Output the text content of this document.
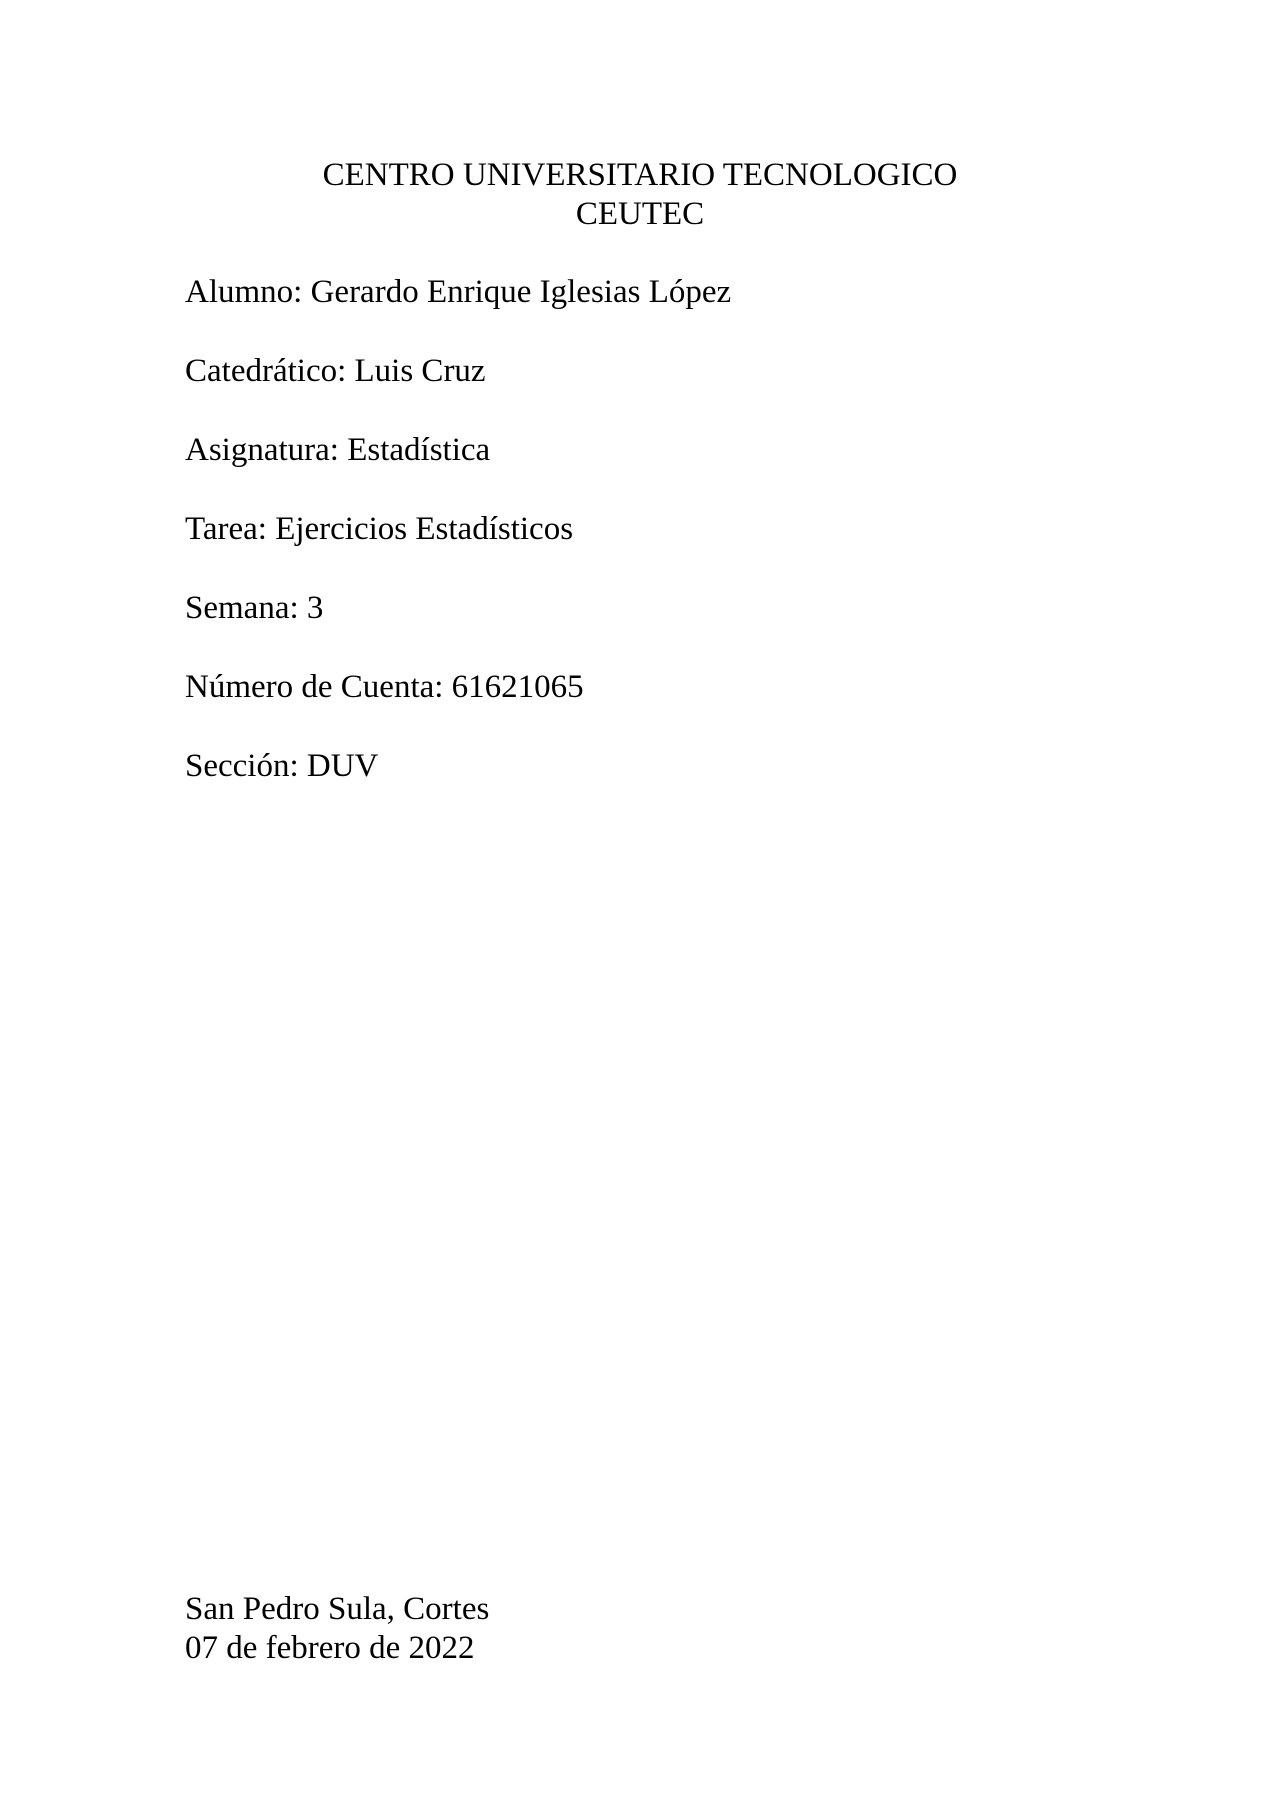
CENTRO UNIVERSITARIO TECNOLOGICO
CEUTEC
Alumno: Gerardo Enrique Iglesias López
Catedrático: Luis Cruz
Asignatura: Estadística
Tarea: Ejercicios Estadísticos
Semana: 3
Número de Cuenta: 61621065
Sección: DUV
San Pedro Sula, Cortes
07 de febrero de 2022
